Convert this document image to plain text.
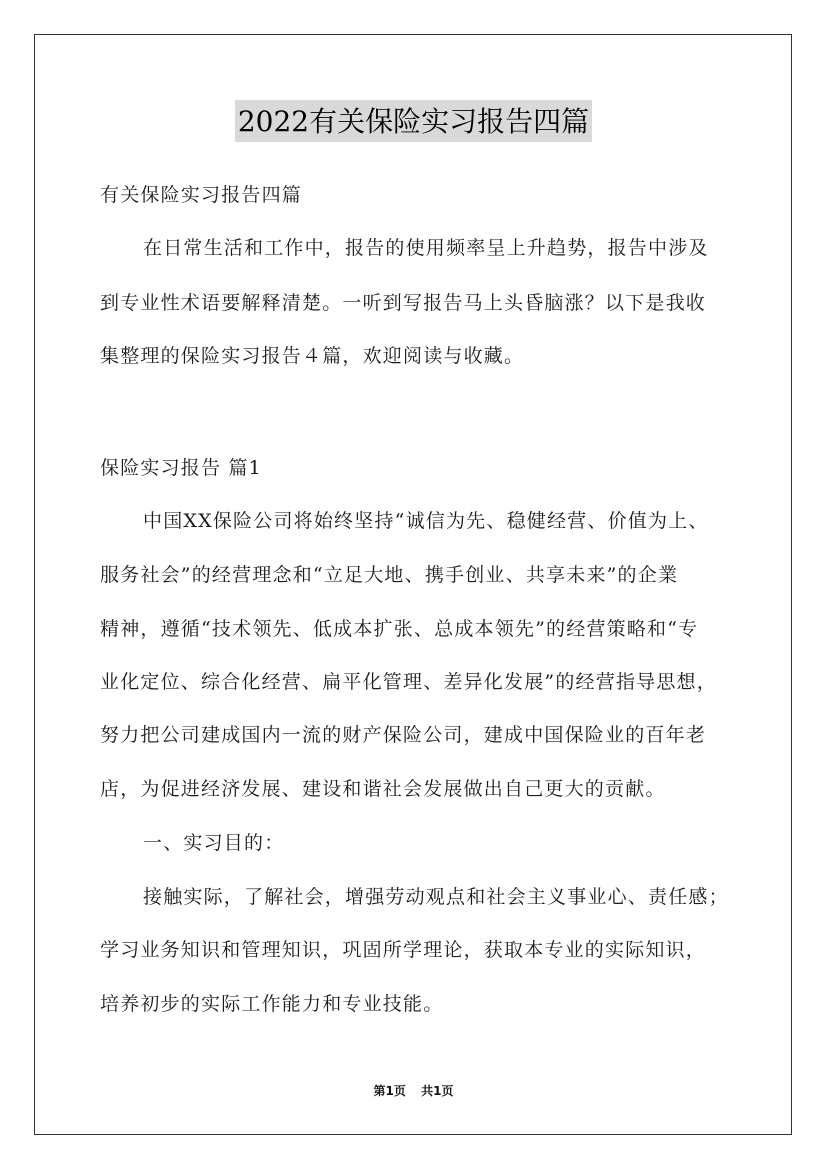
2022有关保险实习报告四篇
有关保险实习报告四篇
在日常生活和工作中，报告的使用频率呈上升趋势，报告中涉及
到专业性术语要解释清楚。一听到写报告马上头昏脑涨？以下是我收
集整理的保险实习报告４篇，欢迎阅读与收藏。
保险实习报告 篇1
中国XX保险公司将始终坚持“诚信为先、稳健经营、价值为上、
服务社会”的经营理念和“立足大地、携手创业、共享未来”的企業
精神，遵循“技术领先、低成本扩张、总成本领先”的经营策略和“专
业化定位、综合化经营、扁平化管理、差异化发展”的经营指导思想，
努力把公司建成国内一流的财产保险公司，建成中国保险业的百年老
店，为促进经济发展、建设和谐社会发展做出自己更大的贡献。
一、实习目的：
接触实际，了解社会，增强劳动观点和社会主义事业心、责任感；
学习业务知识和管理知识，巩固所学理论，获取本专业的实际知识，
培养初步的实际工作能力和专业技能。
第1页 共1页
